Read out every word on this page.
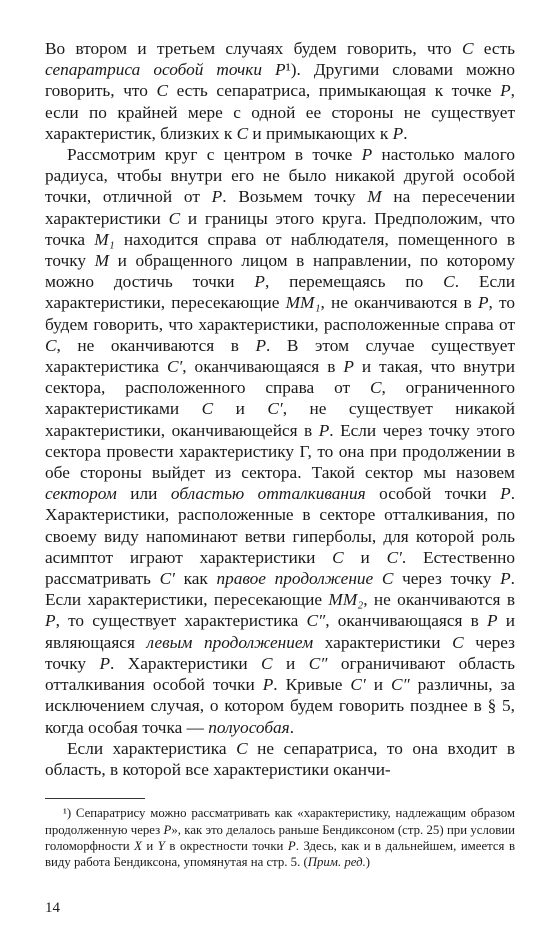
Во втором и третьем случаях будем говорить, что C есть сепаратриса особой точки P¹). Другими словами можно говорить, что C есть сепаратриса, примыкающая к точке P, если по крайней мере с одной ее стороны не существует характеристик, близких к C и примыкающих к P.

Рассмотрим круг с центром в точке P настолько малого радиуса, чтобы внутри его не было никакой другой особой точки, отличной от P. Возьмем точку M на пересечении характеристики C и границы этого круга. Предположим, что точка M₁ находится справа от наблюдателя, помещенного в точку M и обращенного лицом в направлении, по которому можно достичь точки P, перемещаясь по C. Если характеристики, пересекающие MM₁, не оканчиваются в P, то будем говорить, что характеристики, расположенные справа от C, не оканчиваются в P. В этом случае существует характеристика C′, оканчивающаяся в P и такая, что внутри сектора, расположенного справа от C, ограниченного характеристиками C и C′, не существует никакой характеристики, оканчивающейся в P. Если через точку этого сектора провести характеристику Г, то она при продолжении в обе стороны выйдет из сектора. Такой сектор мы назовем сектором или областью отталкивания особой точки P. Характеристики, расположенные в секторе отталкивания, по своему виду напоминают ветви гиперболы, для которой роль асимптот играют характеристики C и C′. Естественно рассматривать C′ как правое продолжение C через точку P. Если характеристики, пересекающие MM₂, не оканчиваются в P, то существует характеристика C″, оканчивающаяся в P и являющаяся левым продолжением характеристики C через точку P. Характеристики C и C″ ограничивают область отталкивания особой точки P. Кривые C′ и C″ различны, за исключением случая, о котором будем говорить позднее в § 5, когда особая точка — полуособая.

Если характеристика C не сепаратриса, то она входит в область, в которой все характеристики оканчи-

¹) Сепаратрису можно рассматривать как «характеристику, надлежащим образом продолженную через P», как это делалось раньше Бендиксоном (стр. 25) при условии голоморфности X и Y в окрестности точки P. Здесь, как и в дальнейшем, имеется в виду работа Бендиксона, упомянутая на стр. 5. (Прим. ред.)

14
